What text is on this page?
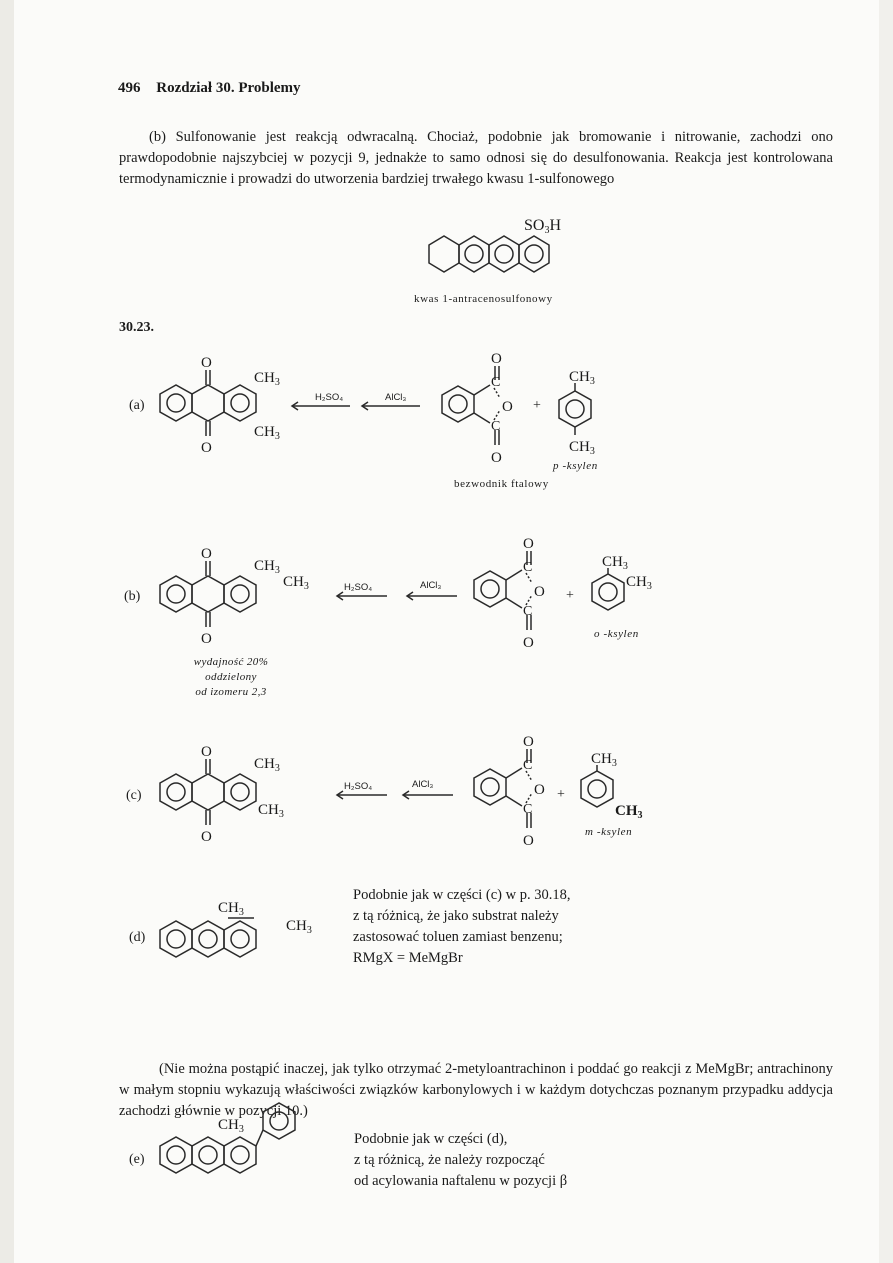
496 Rozdział 30. Problemy
(b) Sulfonowanie jest reakcją odwracalną. Chociaż, podobnie jak bromowanie i nitrowanie, zachodzi ono prawdopodobnie najszybciej w pozycji 9, jednakże to samo odnosi się do desulfonowania. Reakcja jest kontrolowana termodynamicznie i prowadzi do utworzenia bardziej trwałego kwasu 1-sulfonowego
SO3H
kwas 1-antracenosulfonowy
30.23.
(a)
O
O
$CH_3$
$CH_3$
H₂SO₄	AlCl₃
O
C
O
C
O
+
$CH_3$
$CH_3$
p -ksylen
bezwodnik ftalowy
(b)
O
O
$CH_3$
$CH_3$	H₂SO₄	AlCl₃
O
C
O
C
O
+
$CH_3$
$CH_3$
o -ksylen
wydajność 20%
oddzielony
od izomeru 2,3
(c)
O
O
$CH_3$
$CH_3$
H₂SO₄	AlCl₃
O
C
O
C
O
+
$CH_3$
$CH_3$
m -ksylen
(d)
$CH_3$
$CH_3$
Podobnie jak w części (c) w p. 30.18,
z tą różnicą, że jako substrat należy
zastosować toluen zamiast benzenu;
RMgX = MeMgBr
(Nie można postąpić inaczej, jak tylko otrzymać 2-metyloantrachinon i poddać go reakcji z MeMgBr; antrachinony w małym stopniu wykazują właściwości związków karbonylowych i w każdym dotychczas poznanym przypadku addycja zachodzi głównie w pozycji 10.)
(e)
$CH_3$
Podobnie jak w części (d),
z tą różnicą, że należy rozpocząć
od acylowania naftalenu w pozycji β
